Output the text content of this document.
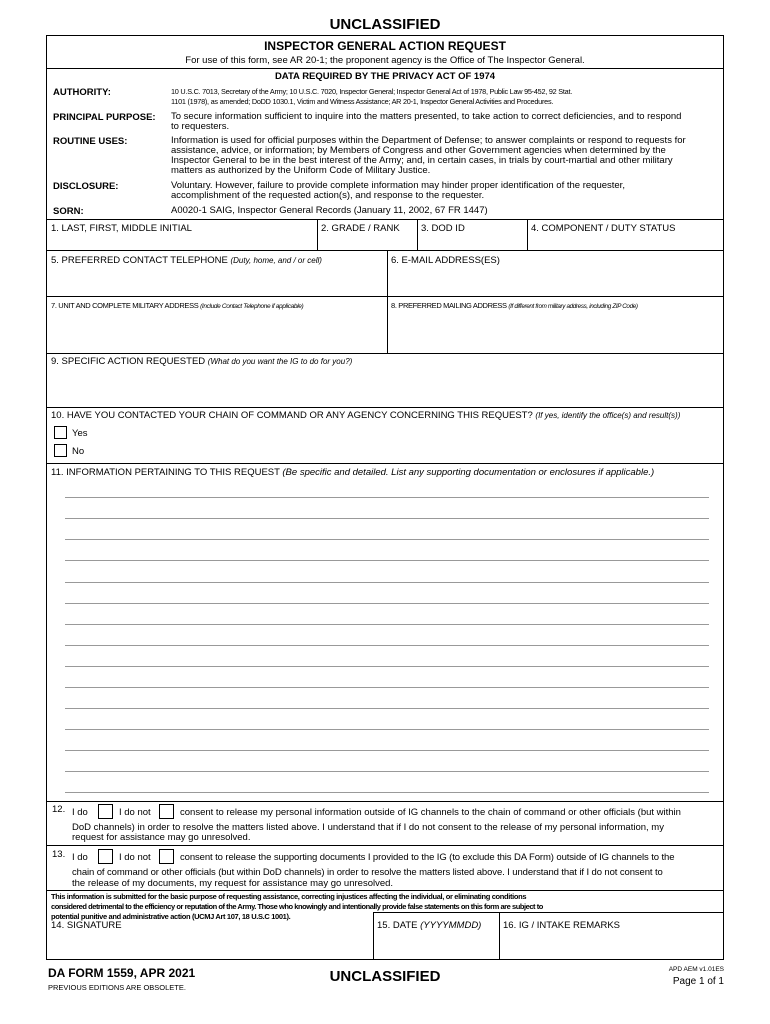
UNCLASSIFIED
INSPECTOR GENERAL ACTION REQUEST
For use of this form, see AR 20-1; the proponent agency is the Office of The Inspector General.
DATA REQUIRED BY THE PRIVACY ACT OF 1974
AUTHORITY:	10 U.S.C. 7013, Secretary of the Army; 10 U.S.C. 7020, Inspector General; Inspector General Act of 1978, Public Law 95-452, 92 Stat.
1101 (1978), as amended; DoDD 1030.1, Victim and Witness Assistance; AR 20-1, Inspector General Activities and Procedures.
PRINCIPAL PURPOSE: To secure information sufficient to inquire into the matters presented, to take action to correct deficiencies, and to respond
to requesters.
ROUTINE USES:	Information is used for official purposes within the Department of Defense; to answer complaints or respond to requests for
assistance, advice, or information; by Members of Congress and other Government agencies when determined by the
Inspector General to be in the best interest of the Army; and, in certain cases, in trials by court-martial and other military
matters as authorized by the Uniform Code of Military Justice.
DISCLOSURE:	Voluntary. However, failure to provide complete information may hinder proper identification of the requester,
accomplishment of the requested action(s), and response to the requester.
SORN:	A0020-1 SAIG, Inspector General Records (January 11, 2002, 67 FR 1447)
1. LAST, FIRST, MIDDLE INITIAL	2. GRADE / RANK 3. DOD ID	4. COMPONENT / DUTY STATUS
5. PREFERRED CONTACT TELEPHONE (Duty, home, and / or cell)	6. E-MAIL ADDRESS(ES)
7. UNIT AND COMPLETE MILITARY ADDRESS (Include Contact Telephone if applicable)	8. PREFERRED MAILING ADDRESS (If different from military address, including ZIP Code)
9. SPECIFIC ACTION REQUESTED (What do you want the IG to do for you?)
10. HAVE YOU CONTACTED YOUR CHAIN OF COMMAND OR ANY AGENCY CONCERNING THIS REQUEST? (If yes, identify the office(s) and result(s))
Yes
No
11. INFORMATION PERTAINING TO THIS REQUEST (Be specific and detailed. List any supporting documentation or enclosures if applicable.)
12. I do	I do not	consent to release my personal information outside of IG channels to the chain of command or other officials (but within
DoD channels) in order to resolve the matters listed above. I understand that if I do not consent to the release of my personal information, my
request for assistance may go unresolved.
13. I do	I do not	consent to release the supporting documents I provided to the IG (to exclude this DA Form) outside of IG channels to the
chain of command or other officials (but within DoD channels) in order to resolve the matters listed above. I understand that if I do not consent to
the release of my documents, my request for assistance may go unresolved.
This information is submitted for the basic purpose of requesting assistance, correcting injustices affecting the individual, or eliminating conditions
considered detrimental to the efficiency or reputation of the Army. Those who knowingly and intentionally provide false statements on this form are subject to
potential punitive and administrative action (UCMJ Art 107, 18 U.S.C 1001).
14. SIGNATURE	15. DATE (YYYYMMDD) 16. IG / INTAKE REMARKS
DA FORM 1559, APR 2021
PREVIOUS EDITIONS ARE OBSOLETE.
UNCLASSIFIED	APD AEM v1.01ES
Page 1 of 1
